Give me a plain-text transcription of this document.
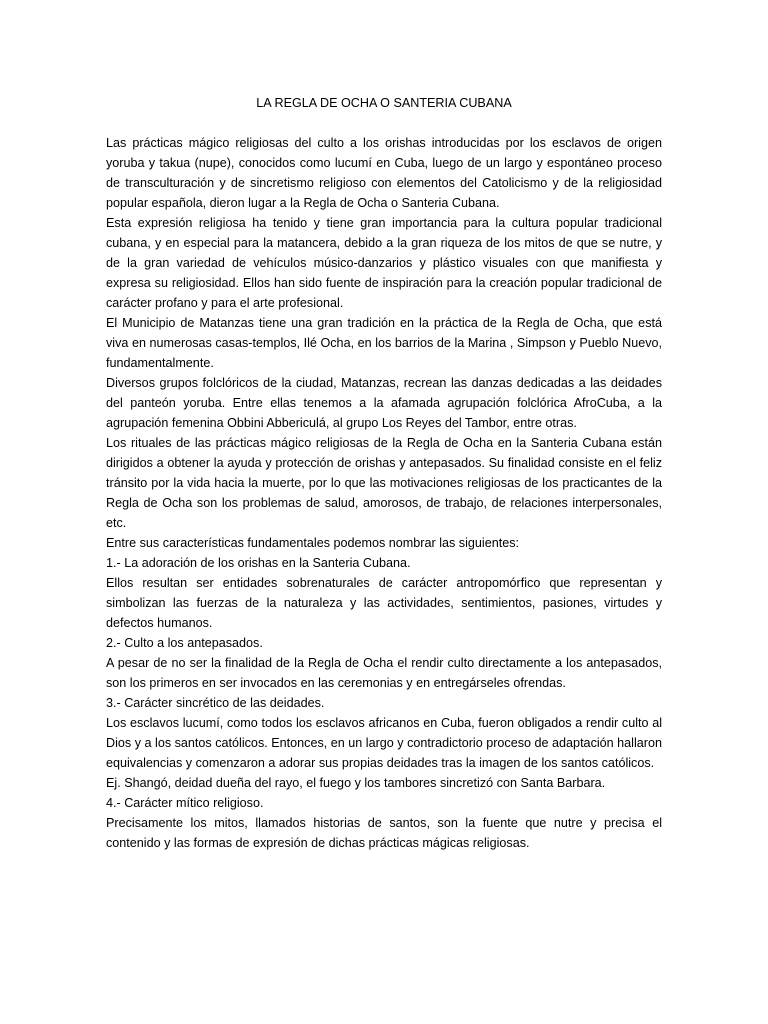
LA REGLA DE OCHA O SANTERIA CUBANA

Las prácticas mágico religiosas del culto a los orishas introducidas por los esclavos de origen yoruba y takua (nupe), conocidos como lucumí en Cuba, luego de un largo y espontáneo proceso de transculturación y de sincretismo religioso con elementos del Catolicismo y de la religiosidad popular española, dieron lugar a la Regla de Ocha o Santeria Cubana.

Esta expresión religiosa ha tenido y tiene gran importancia para la cultura popular tradicional cubana, y en especial para la matancera, debido a la gran riqueza de los mitos de que se nutre, y de la gran variedad de vehículos músico-danzarios y plástico visuales con que manifiesta y expresa su religiosidad. Ellos han sido fuente de inspiración para la creación popular tradicional de carácter profano y para el arte profesional.

El Municipio de Matanzas tiene una gran tradición en la práctica de la Regla de Ocha, que está viva en numerosas casas-templos, Ilé Ocha, en los barrios de la Marina , Simpson y Pueblo Nuevo, fundamentalmente.

Diversos grupos folclóricos de la ciudad, Matanzas, recrean las danzas dedicadas a las deidades del panteón yoruba. Entre ellas tenemos a la afamada agrupación folclórica AfroCuba, a la agrupación femenina Obbini Abbericulá, al grupo Los Reyes del Tambor, entre otras.

Los rituales de las prácticas mágico religiosas de la Regla de Ocha en la Santeria Cubana están dirigidos a obtener la ayuda y protección de orishas y antepasados. Su finalidad consiste en el feliz tránsito por la vida hacia la muerte, por lo que las motivaciones religiosas de los practicantes de la Regla de Ocha son los problemas de salud, amorosos, de trabajo, de relaciones interpersonales, etc.

Entre sus características fundamentales podemos nombrar las siguientes:

1.- La adoración de los orishas en la Santeria Cubana.

Ellos resultan ser entidades sobrenaturales de carácter antropomórfico que representan y simbolizan las fuerzas de la naturaleza y las actividades, sentimientos, pasiones, virtudes y defectos humanos.

2.- Culto a los antepasados.

A pesar de no ser la finalidad de la Regla de Ocha el rendir culto directamente a los antepasados, son los primeros en ser invocados en las ceremonias y en entregárseles ofrendas.

3.- Carácter sincrético de las deidades.

Los esclavos lucumí, como todos los esclavos africanos en Cuba, fueron obligados a rendir culto al Dios y a los santos católicos. Entonces, en un largo y contradictorio proceso de adaptación hallaron equivalencias y comenzaron a adorar sus propias deidades tras la imagen de los santos católicos.

Ej. Shangó, deidad dueña del rayo, el fuego y los tambores sincretizó con Santa Barbara.

4.- Carácter mítico religioso.

Precisamente los mitos, llamados historias de santos, son la fuente que nutre y precisa el contenido y las formas de expresión de dichas prácticas mágicas religiosas.
